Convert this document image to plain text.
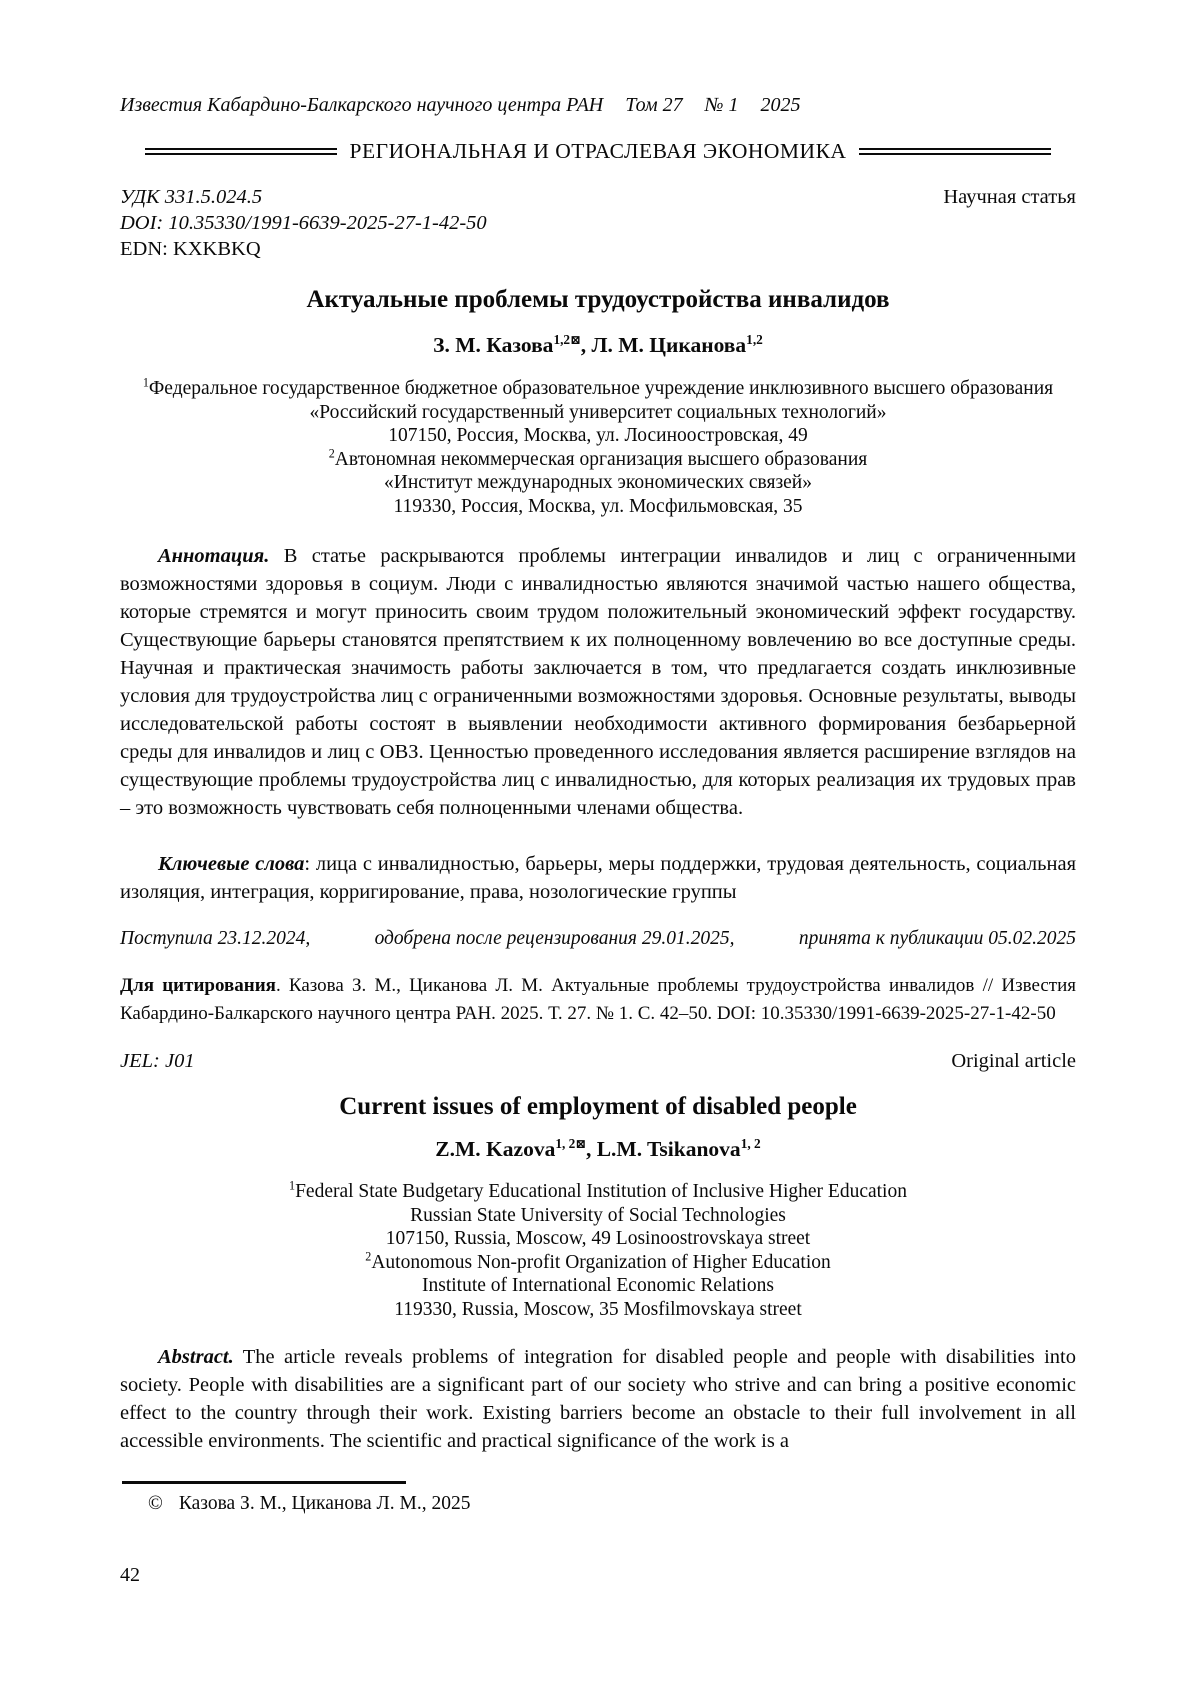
Известия Кабардино-Балкарского научного центра РАН Том 27 № 1 2025
РЕГИОНАЛЬНАЯ И ОТРАСЛЕВАЯ ЭКОНОМИКА
УДК 331.5.024.5	Научная статья
DOI: 10.35330/1991-6639-2025-27-1-42-50
EDN: KXKBKQ
Актуальные проблемы трудоустройства инвалидов
З. М. Казова$^{1,2⊠}$, Л. М. Циканова$^{1,2}$
$^1$Федеральное государственное бюджетное образовательное учреждение инклюзивного высшего образования
«Российский государственный университет социальных технологий»
107150, Россия, Москва, ул. Лосиноостровская, 49
$^2$Автономная некоммерческая организация высшего образования
«Институт международных экономических связей»
119330, Россия, Москва, ул. Мосфильмовская, 35
Аннотация. В статье раскрываются проблемы интеграции инвалидов и лиц с ограниченными возможностями здоровья в социум. Люди с инвалидностью являются значимой частью нашего общества, которые стремятся и могут приносить своим трудом положительный экономический эффект государству. Существующие барьеры становятся препятствием к их полноценному вовлечению во все доступные среды. Научная и практическая значимость работы заключается в том, что предлагается создать инклюзивные условия для трудоустройства лиц с ограниченными возможностями здоровья. Основные результаты, выводы исследовательской работы состоят в выявлении необходимости активного формирования безбарьерной среды для инвалидов и лиц с ОВЗ. Ценностью проведенного исследования является расширение взглядов на существующие проблемы трудоустройства лиц с инвалидностью, для которых реализация их трудовых прав – это возможность чувствовать себя полноценными членами общества.
Ключевые слова: лица с инвалидностью, барьеры, меры поддержки, трудовая деятельность, социальная изоляция, интеграция, корригирование, права, нозологические группы
Поступила 23.12.2024,	одобрена после рецензирования 29.01.2025,	принята к публикации 05.02.2025
Для цитирования. Казова З. М., Циканова Л. М. Актуальные проблемы трудоустройства инвалидов // Известия Кабардино-Балкарского научного центра РАН. 2025. Т. 27. № 1. С. 42–50. DOI: 10.35330/1991-6639-2025-27-1-42-50
JEL: J01	Original article
Current issues of employment of disabled people
Z.M. Kazova$^{1, 2⊠}$, L.M. Tsikanova$^{1, 2}$
$^1$Federal State Budgetary Educational Institution of Inclusive Higher Education
Russian State University of Social Technologies
107150, Russia, Moscow, 49 Losinoostrovskaya street
$^2$Autonomous Non-profit Organization of Higher Education
Institute of International Economic Relations
119330, Russia, Moscow, 35 Mosfilmovskaya street
Abstract. The article reveals problems of integration for disabled people and people with disabilities into society. People with disabilities are a significant part of our society who strive and can bring a positive economic effect to the country through their work. Existing barriers become an obstacle to their full involvement in all accessible environments. The scientific and practical significance of the work is a
© Казова З. М., Циканова Л. М., 2025
42
